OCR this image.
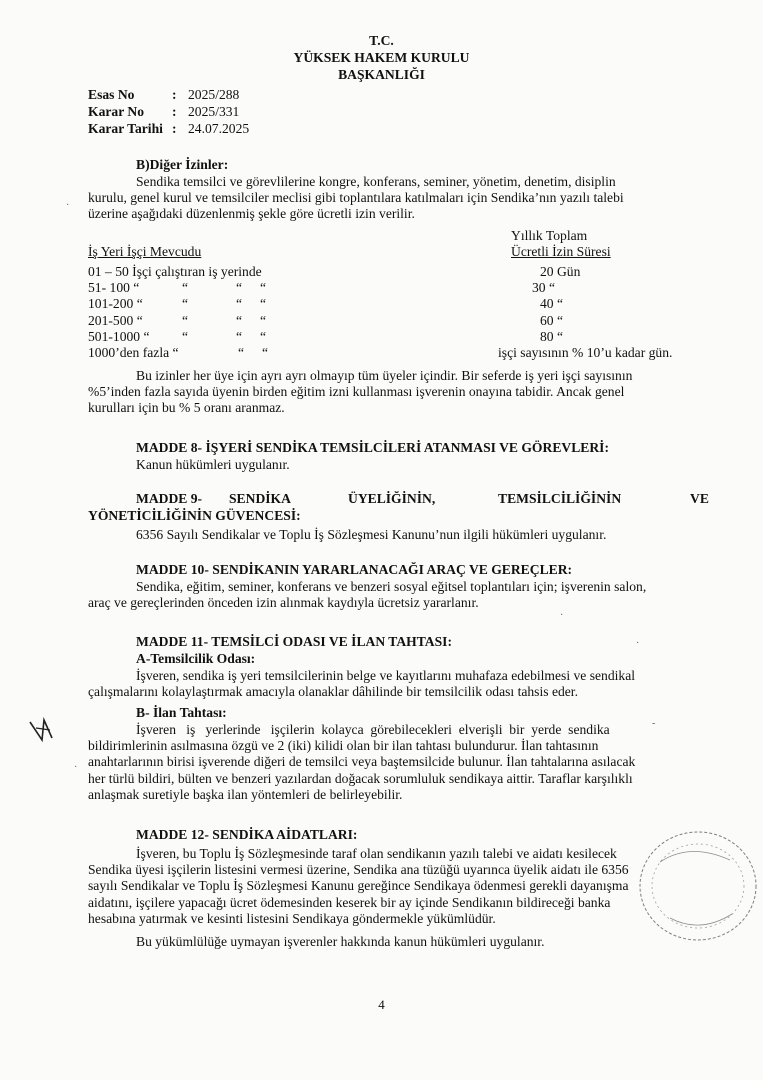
T.C.
YÜKSEK HAKEM KURULU
BAŞKANLIĞI
Esas No	: 2025/288
Karar No : 2025/331
Karar Tarihi : 24.07.2025
B)Diğer İzinler:
Sendika temsilci ve görevlilerine kongre, konferans, seminer, yönetim, denetim, disiplin
kurulu, genel kurul ve temsilciler meclisi gibi toplantılara katılmaları için Sendika’nın yazılı talebi
üzerine aşağıdaki düzenlenmiş şekle göre ücretli izin verilir.
Yıllık Toplam
İş Yeri İşçi Mevcudu	Ücretli İzin Süresi
01 – 50 İşçi çalıştıran iş yerinde	20 Gün
51- 100 “	“	“ “	30 “
101-200 “	“	“ “	40 “
201-500 “	“	“ “	60 “
501-1000 “ “	“ “	80 “
1000’den fazla “	“ “	işçi sayısının % 10’u kadar gün.
Bu izinler her üye için ayrı ayrı olmayıp tüm üyeler içindir. Bir seferde iş yeri işçi sayısının
%5’inden fazla sayıda üyenin birden eğitim izni kullanması işverenin onayına tabidir. Ancak genel
kurulları için bu % 5 oranı aranmaz.
MADDE 8- İŞYERİ SENDİKA TEMSİLCİLERİ ATANMASI VE GÖREVLERİ:
Kanun hükümleri uygulanır.
MADDE 9- SENDİKA	ÜYELİĞİNİN,	TEMSİLCİLİĞİNİN	VE
YÖNETİCİLİĞİNİN GÜVENCESİ:
6356 Sayılı Sendikalar ve Toplu İş Sözleşmesi Kanunu’nun ilgili hükümleri uygulanır.
MADDE 10- SENDİKANIN YARARLANACAĞI ARAÇ VE GEREÇLER:
Sendika, eğitim, seminer, konferans ve benzeri sosyal eğitsel toplantıları için; işverenin salon,
araç ve gereçlerinden önceden izin alınmak kaydıyla ücretsiz yararlanır.
MADDE 11- TEMSİLCİ ODASI VE İLAN TAHTASI:
A-Temsilcilik Odası:
İşveren, sendika iş yeri temsilcilerinin belge ve kayıtlarını muhafaza edebilmesi ve sendikal
çalışmalarını kolaylaştırmak amacıyla olanaklar dâhilinde bir temsilcilik odası tahsis eder.
B- İlan Tahtası:
İşveren   iş   yerlerinde   işçilerin  kolayca  görebilecekleri  elverişli  bir  yerde  sendika
bildirimlerinin asılmasına özgü ve 2 (iki) kilidi olan bir ilan tahtası bulundurur. İlan tahtasının
anahtarlarının birisi işverende diğeri de temsilci veya baştemsilcide bulunur. İlan tahtalarına asılacak
her türlü bildiri, bülten ve benzeri yazılardan doğacak sorumluluk sendikaya aittir. Taraflar karşılıklı
anlaşmak suretiyle başka ilan yöntemleri de belirleyebilir.
MADDE 12- SENDİKA AİDATLARI:
İşveren, bu Toplu İş Sözleşmesinde taraf olan sendikanın yazılı talebi ve aidatı kesilecek
Sendika üyesi işçilerin listesini vermesi üzerine, Sendika ana tüzüğü uyarınca üyelik aidatı ile 6356
sayılı Sendikalar ve Toplu İş Sözleşmesi Kanunu gereğince Sendikaya ödenmesi gerekli dayanışma
aidatını, işçilere yapacağı ücret ödemesinden keserek bir ay içinde Sendikanın bildireceği banka
hesabına yatırmak ve kesinti listesini Sendikaya göndermekle yükümlüdür.
Bu yükümlülüğe uymayan işverenler hakkında kanun hükümleri uygulanır.
4
·
·
-
·
·
